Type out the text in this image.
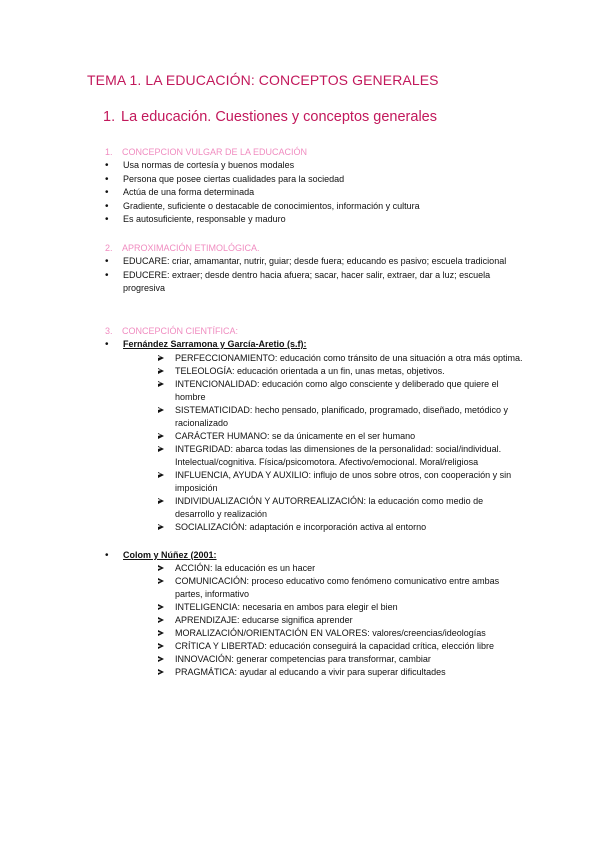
TEMA 1. LA EDUCACIÓN: CONCEPTOS GENERALES
1. La educación. Cuestiones y conceptos generales
1. CONCEPCION VULGAR DE LA EDUCACIÓN
• Usa normas de cortesía y buenos modales
• Persona que posee ciertas cualidades para la sociedad
• Actúa de una forma determinada
• Gradiente, suficiente o destacable de conocimientos, información y cultura
• Es autosuficiente, responsable y maduro
2. APROXIMACIÓN ETIMOLÓGICA.
• EDUCARE: criar, amamantar, nutrir, guiar; desde fuera; educando es pasivo; escuela tradicional
• EDUCERE: extraer; desde dentro hacia afuera; sacar, hacer salir, extraer, dar a luz; escuela progresiva
3. CONCEPCIÓN CIENTÍFICA:
• Fernández Sarramona y García-Aretio (s.f):
PERFECCIONAMIENTO: educación como tránsito de una situación a otra más optima.
TELEOLOGÍA: educación orientada a un fin, unas metas, objetivos.
INTENCIONALIDAD: educación como algo consciente y deliberado que quiere el hombre
SISTEMATICIDAD: hecho pensado, planificado, programado, diseñado, metódico y racionalizado
CARÁCTER HUMANO: se da únicamente en el ser humano
INTEGRIDAD: abarca todas las dimensiones de la personalidad: social/individual. Intelectual/cognitiva. Física/psicomotora. Afectivo/emocional. Moral/religiosa
INFLUENCIA, AYUDA Y AUXILIO: influjo de unos sobre otros, con cooperación y sin imposición
INDIVIDUALIZACIÓN Y AUTORREALIZACIÓN: la educación como medio de desarrollo y realización
SOCIALIZACIÓN: adaptación e incorporación activa al entorno
• Colom y Núñez (2001:
ACCIÓN: la educación es un hacer
COMUNICACIÓN: proceso educativo como fenómeno comunicativo entre ambas partes, informativo
INTELIGENCIA: necesaria en ambos para elegir el bien
APRENDIZAJE: educarse significa aprender
MORALIZACIÓN/ORIENTACIÓN EN VALORES: valores/creencias/ideologías
CRÍTICA Y LIBERTAD: educación conseguirá la capacidad crítica, elección libre
INNOVACIÓN: generar competencias para transformar, cambiar
PRAGMÁTICA: ayudar al educando a vivir para superar dificultades
